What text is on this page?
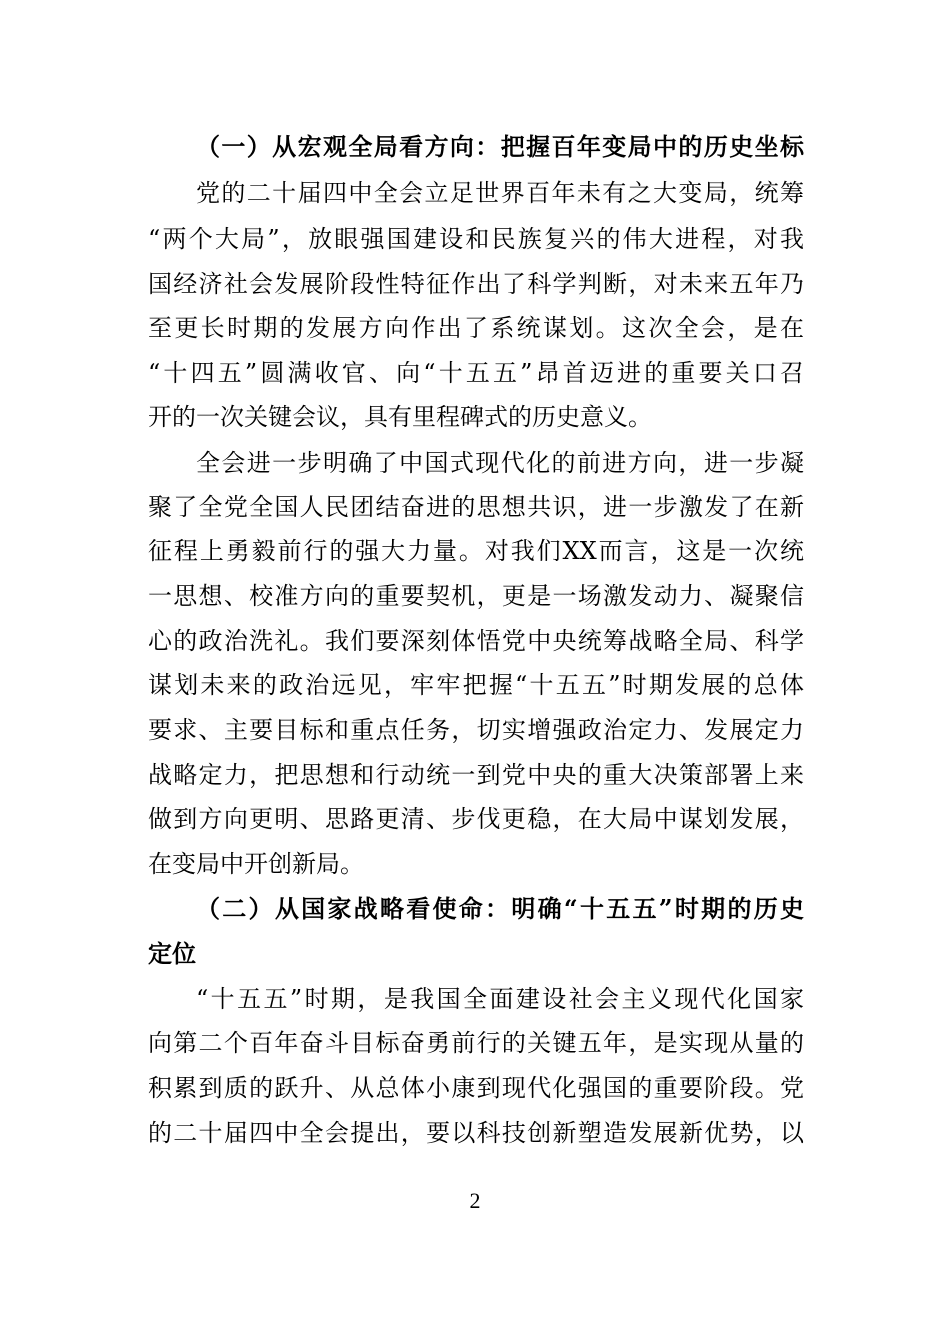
（一）从宏观全局看方向：把握百年变局中的历史坐标
党的二十届四中全会立足世界百年未有之大变局，统筹
“两个大局”，放眼强国建设和民族复兴的伟大进程，对我
国经济社会发展阶段性特征作出了科学判断，对未来五年乃
至更长时期的发展方向作出了系统谋划。这次全会，是在
“十四五”圆满收官、向“十五五”昂首迈进的重要关口召
开的一次关键会议，具有里程碑式的历史意义。
全会进一步明确了中国式现代化的前进方向，进一步凝
聚了全党全国人民团结奋进的思想共识，进一步激发了在新
征程上勇毅前行的强大力量。对我们XX而言，这是一次统
一思想、校准方向的重要契机，更是一场激发动力、凝聚信
心的政治洗礼。我们要深刻体悟党中央统筹战略全局、科学
谋划未来的政治远见，牢牢把握“十五五”时期发展的总体
要求、主要目标和重点任务，切实增强政治定力、发展定力
战略定力，把思想和行动统一到党中央的重大决策部署上来
做到方向更明、思路更清、步伐更稳，在大局中谋划发展，
在变局中开创新局。
（二）从国家战略看使命：明确“十五五”时期的历史
定位
“十五五”时期，是我国全面建设社会主义现代化国家
向第二个百年奋斗目标奋勇前行的关键五年，是实现从量的
积累到质的跃升、从总体小康到现代化强国的重要阶段。党
的二十届四中全会提出，要以科技创新塑造发展新优势，以
2
